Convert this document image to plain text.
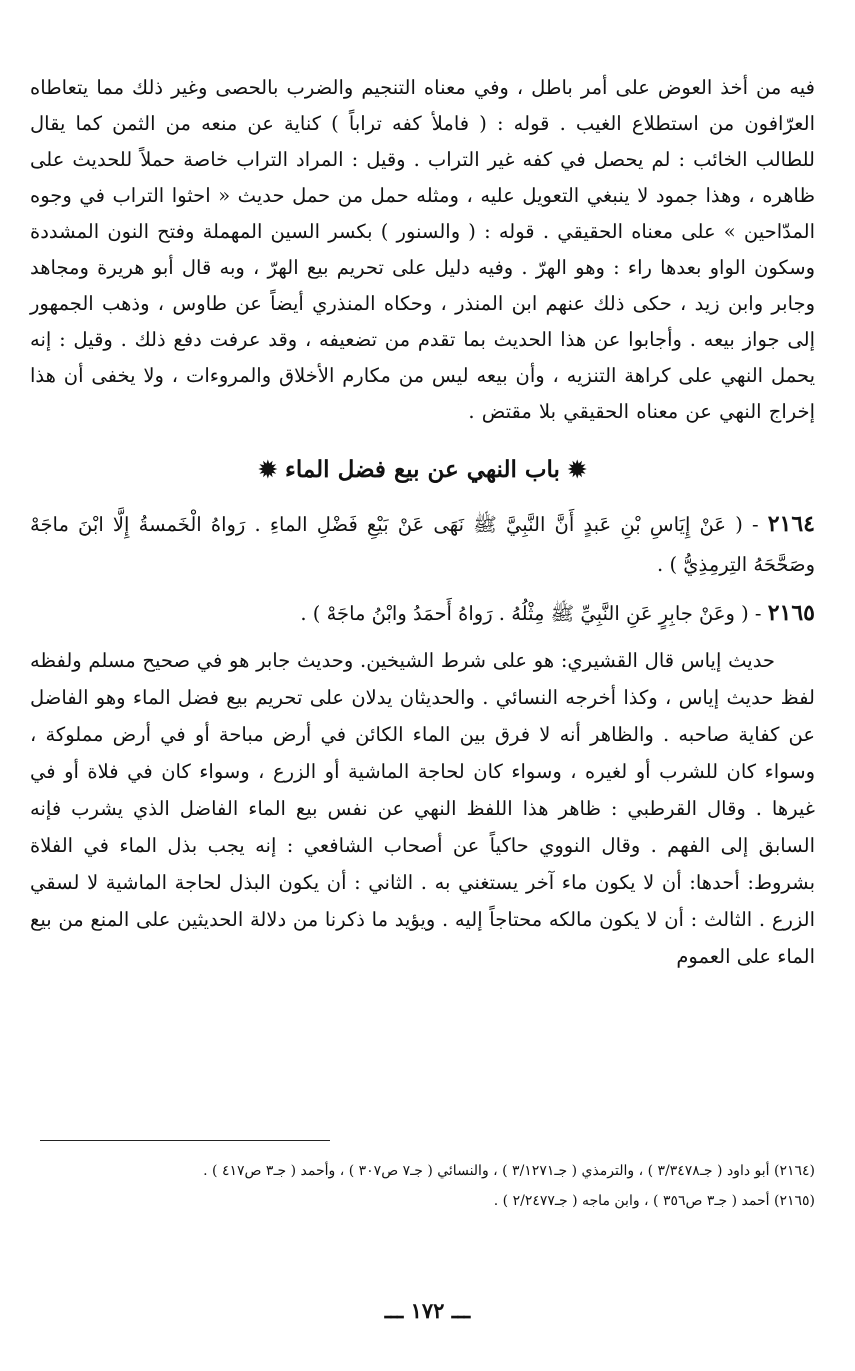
فيه من أخذ العوض على أمر باطل ، وفي معناه التنجيم والضرب بالحصى وغير ذلك مما يتعاطاه العرّافون من استطلاع الغيب . قوله : ( فاملأ كفه تراباً ) كناية عن منعه من الثمن كما يقال للطالب الخائب : لم يحصل في كفه غير التراب . وقيل : المراد التراب خاصة حملاً للحديث على ظاهره ، وهذا جمود لا ينبغي التعويل عليه ، ومثله حمل من حمل حديث « احثوا التراب في وجوه المدّاحين » على معناه الحقيقي . قوله : ( والسنور ) بكسر السين المهملة وفتح النون المشددة وسكون الواو بعدها راء : وهو الهرّ . وفيه دليل على تحريم بيع الهرّ ، وبه قال أبو هريرة ومجاهد وجابر وابن زيد ، حكى ذلك عنهم ابن المنذر ، وحكاه المنذري أيضاً عن طاوس ، وذهب الجمهور إلى جواز بيعه . وأجابوا عن هذا الحديث بما تقدم من تضعيفه ، وقد عرفت دفع ذلك . وقيل : إنه يحمل النهي على كراهة التنزيه ، وأن بيعه ليس من مكارم الأخلاق والمروءات ، ولا يخفى أن هذا إخراج النهي عن معناه الحقيقي بلا مقتض .

✹باب النهي عن بيع فضل الماء✹

٢١٦٤ - ( عَنْ إِيَاسِ بْنِ عَبدٍ أَنَّ النَّبِيَّ ﷺ نَهَى عَنْ بَيْعِ فَضْلِ الماءِ . رَواهُ الْخَمسةُ إِلَّا ابْنَ ماجَهْ وصَحَّحَهُ التِرمِذِيُّ ) .

٢١٦٥ - ( وعَنْ جابِرٍ عَنِ النَّبِيِّ ﷺ مِثْلُهُ . رَواهُ أَحمَدُ وابْنُ ماجَهْ ) .

حديث إياس قال القشيري: هو على شرط الشيخين. وحديث جابر هو في صحيح مسلم ولفظه لفظ حديث إياس ، وكذا أخرجه النسائي . والحديثان يدلان على تحريم بيع فضل الماء وهو الفاضل عن كفاية صاحبه . والظاهر أنه لا فرق بين الماء الكائن في أرض مباحة أو في أرض مملوكة ، وسواء كان للشرب أو لغيره ، وسواء كان لحاجة الماشية أو الزرع ، وسواء كان في فلاة أو في غيرها . وقال القرطبي : ظاهر هذا اللفظ النهي عن نفس بيع الماء الفاضل الذي يشرب فإنه السابق إلى الفهم . وقال النووي حاكياً عن أصحاب الشافعي : إنه يجب بذل الماء في الفلاة بشروط: أحدها: أن لا يكون ماء آخر يستغني به . الثاني : أن يكون البذل لحاجة الماشية لا لسقي الزرع . الثالث : أن لا يكون مالكه محتاجاً إليه . ويؤيد ما ذكرنا من دلالة الحديثين على المنع من بيع الماء على العموم

(٢١٦٤) أبو داود ( جـ٣/٣٤٧٨ ) ، والترمذي ( جـ٣/١٢٧١ ) ، والنسائي ( جـ٧ ص٣٠٧ ) ، وأحمد ( جـ٣ ص٤١٧ ) .

(٢١٦٥) أحمد ( جـ٣ ص٣٥٦ ) ، وابن ماجه ( جـ٢/٢٤٧٧ ) .

ـــ ١٧٢ ـــ
